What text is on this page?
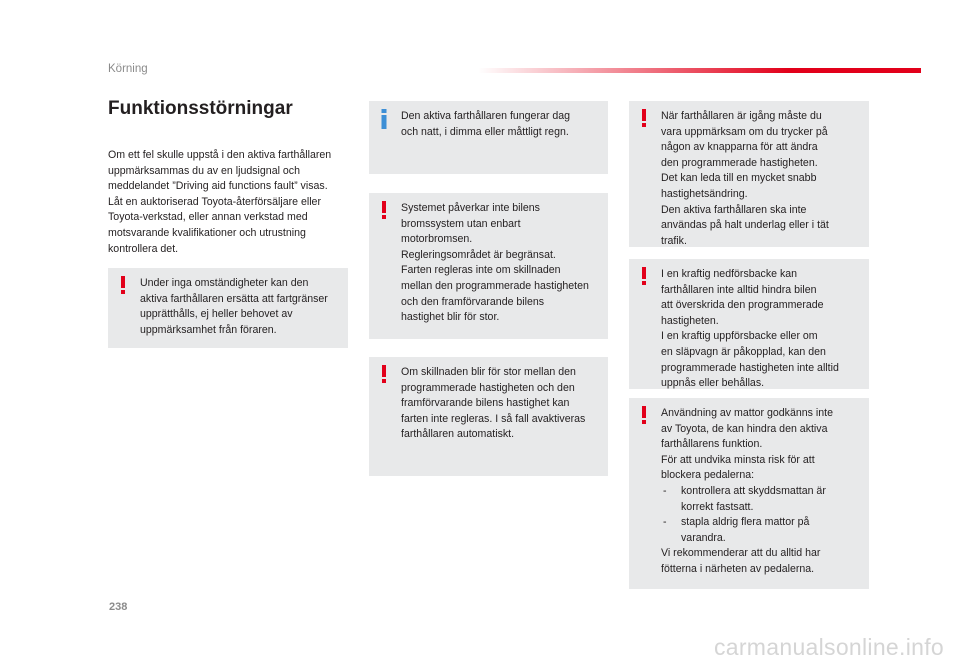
Körning
Funktionsstörningar
Om ett fel skulle uppstå i den aktiva farthållaren
uppmärksammas du av en ljudsignal och
meddelandet ”Driving aid functions fault” visas.
Låt en auktoriserad Toyota-återförsäljare eller
Toyota-verkstad, eller annan verkstad med
motsvarande kvalifikationer och utrustning
kontrollera det.
Under inga omständigheter kan den
aktiva farthållaren ersätta att fartgränser
upprätthålls, ej heller behovet av
uppmärksamhet från föraren.
Den aktiva farthållaren fungerar dag
och natt, i dimma eller måttligt regn.
Systemet påverkar inte bilens
bromssystem utan enbart
motorbromsen.
Regleringsområdet är begränsat.
Farten regleras inte om skillnaden
mellan den programmerade hastigheten
och den framförvarande bilens
hastighet blir för stor.
Om skillnaden blir för stor mellan den
programmerade hastigheten och den
framförvarande bilens hastighet kan
farten inte regleras. I så fall avaktiveras
farthållaren automatiskt.
När farthållaren är igång måste du
vara uppmärksam om du trycker på
någon av knapparna för att ändra
den programmerade hastigheten.
Det kan leda till en mycket snabb
hastighetsändring.
Den aktiva farthållaren ska inte
användas på halt underlag eller i tät
trafik.
I en kraftig nedförsbacke kan
farthållaren inte alltid hindra bilen
att överskrida den programmerade
hastigheten.
I en kraftig uppförsbacke eller om
en släpvagn är påkopplad, kan den
programmerade hastigheten inte alltid
uppnås eller behållas.
Användning av mattor godkänns inte
av Toyota, de kan hindra den aktiva
farthållarens funktion.
För att undvika minsta risk för att
blockera pedalerna:
- kontrollera att skyddsmattan är
korrekt fastsatt.
- stapla aldrig flera mattor på
varandra.
Vi rekommenderar att du alltid har
fötterna i närheten av pedalerna.
238
carmanualsonline.info
